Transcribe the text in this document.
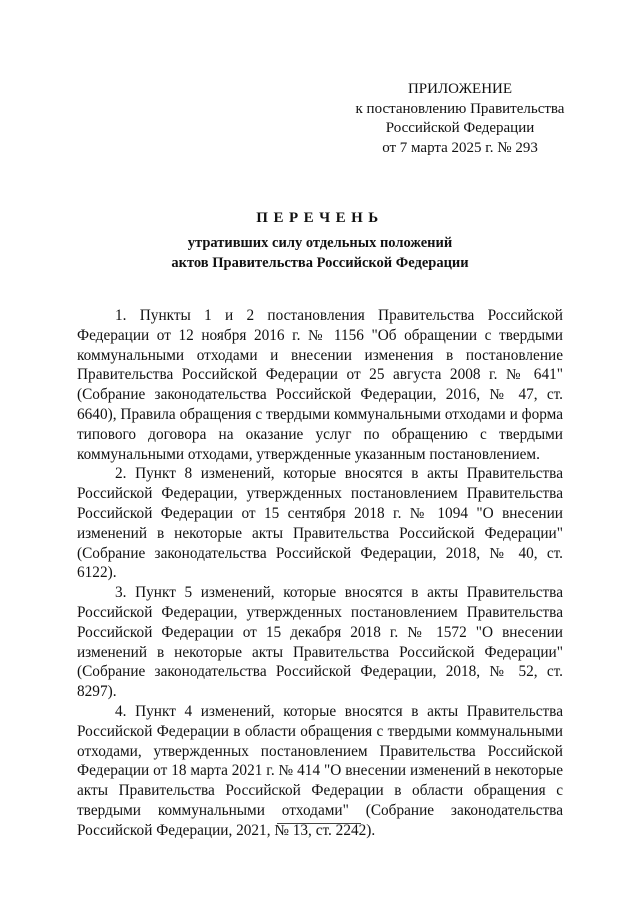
ПРИЛОЖЕНИЕ
к постановлению Правительства
Российской Федерации
от 7 марта 2025 г. № 293
ПЕРЕЧЕНЬ
утративших силу отдельных положений
актов Правительства Российской Федерации

1. Пункты 1 и 2 постановления Правительства Российской Федерации от 12 ноября 2016 г. № 1156 "Об обращении с твердыми коммунальными отходами и внесении изменения в постановление Правительства Российской Федерации от 25 августа 2008 г. № 641" (Собрание законодательства Российской Федерации, 2016, № 47, ст. 6640), Правила обращения с твердыми коммунальными отходами и форма типового договора на оказание услуг по обращению с твердыми коммунальными отходами, утвержденные указанным постановлением.

2. Пункт 8 изменений, которые вносятся в акты Правительства Российской Федерации, утвержденных постановлением Правительства Российской Федерации от 15 сентября 2018 г. № 1094 "О внесении изменений в некоторые акты Правительства Российской Федерации" (Собрание законодательства Российской Федерации, 2018, № 40, ст. 6122).

3. Пункт 5 изменений, которые вносятся в акты Правительства Российской Федерации, утвержденных постановлением Правительства Российской Федерации от 15 декабря 2018 г. № 1572 "О внесении изменений в некоторые акты Правительства Российской Федерации" (Собрание законодательства Российской Федерации, 2018, № 52, ст. 8297).

4. Пункт 4 изменений, которые вносятся в акты Правительства Российской Федерации в области обращения с твердыми коммунальными отходами, утвержденных постановлением Правительства Российской Федерации от 18 марта 2021 г. № 414 "О внесении изменений в некоторые акты Правительства Российской Федерации в области обращения с твердыми коммунальными отходами" (Собрание законодательства Российской Федерации, 2021, № 13, ст. 2242).
